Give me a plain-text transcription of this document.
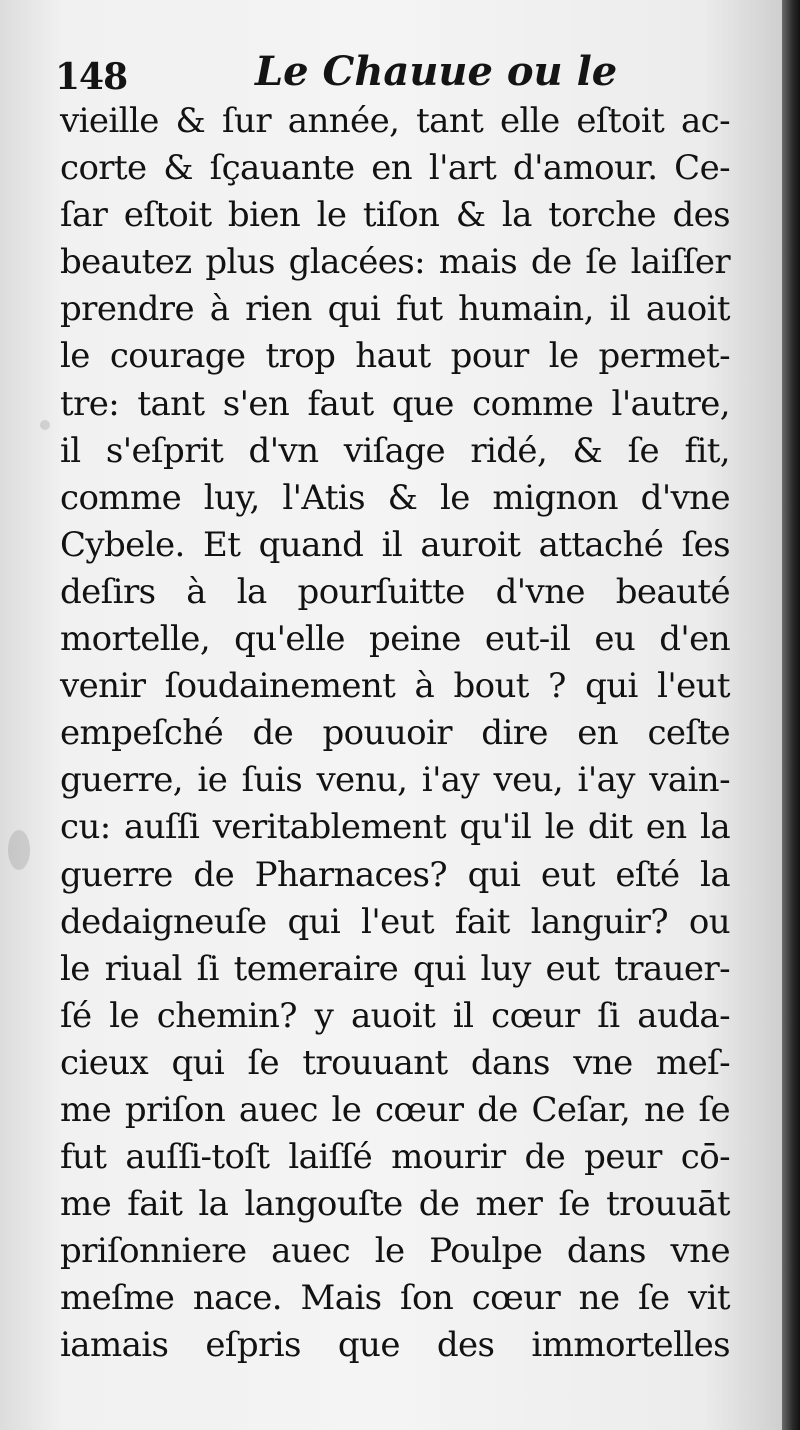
148	Le Chauue ou le
vieille & ſur année, tant elle eſtoit ac-
corte & ſçauante en l'art d'amour. Ce-
ſar eſtoit bien le tiſon & la torche des
beautez plus glacées: mais de ſe laiſſer
prendre à rien qui fut humain, il auoit
le courage trop haut pour le permet-
tre: tant s'en faut que comme l'autre,
il s'eſprit d'vn viſage ridé, & ſe fit,
comme luy, l'Atis & le mignon d'vne
Cybele. Et quand il auroit attaché ſes
deſirs à la pourſuitte d'vne beauté
mortelle, qu'elle peine eut-il eu d'en
venir ſoudainement à bout ? qui l'eut
empeſché de pouuoir dire en ceſte
guerre, ie ſuis venu, i'ay veu, i'ay vain-
cu: auſſi veritablement qu'il le dit en la
guerre de Pharnaces? qui eut eſté la
dedaigneuſe qui l'eut fait languir? ou
le riual ſi temeraire qui luy eut trauer-
ſé le chemin? y auoit il cœur ſi auda-
cieux qui ſe trouuant dans vne meſ-
me priſon auec le cœur de Ceſar, ne ſe
fut auſſi-toſt laiſſé mourir de peur cō-
me fait la langouſte de mer ſe trouuāt
priſonniere auec le Poulpe dans vne
meſme nace. Mais ſon cœur ne ſe vit
iamais eſpris que des immortelles
